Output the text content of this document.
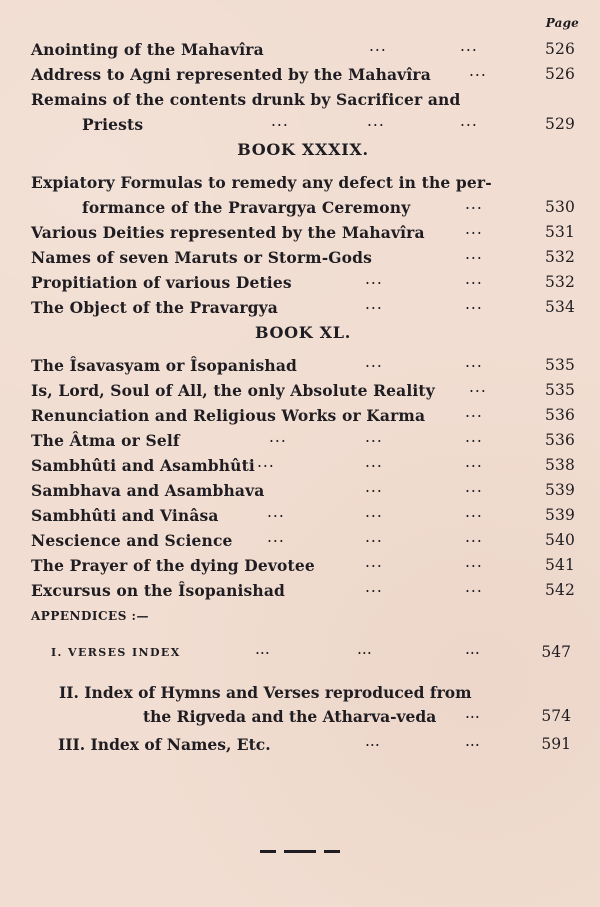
Page
Anointing of the Mahavîra	...	...	526
Address to Agni represented by the Mahavîra ...	526
Remains of the contents drunk by Sacrificer and
Priests	...	...	...	529
BOOK XXXIX.
Expiatory Formulas to remedy any defect in the per-
formance of the Pravargya Ceremony	...	530
Various Deities represented by the Mahavîra	...	531
Names of seven Maruts or Storm-Gods	...	532
Propitiation of various Deties	...	...	532
The Object of the Pravargya	...	...	534
BOOK XL.
The Îsavasyam or Îsopanishad	...	...	535
Is, Lord, Soul of All, the only Absolute Reality ...	535
Renunciation and Religious Works or Karma	...	536
The Âtma or Self	...	...	...	536
Sambhûti and Asambhûti ...	...	...	538
Sambhava and Asambhava	...	...	539
Sambhûti and Vinâsa	...	...	...	539
Nescience and Science ...	...	...	540
The Prayer of the dying Devotee	...	...	541
Excursus on the Îsopanishad	...	...	542
APPENDICES :—
I. VERSES INDEX	...	...	...	547
II. Index of Hymns and Verses reproduced from
the Rigveda and the Atharva-veda ...	574
III. Index of Names, Etc.	...	...	591
